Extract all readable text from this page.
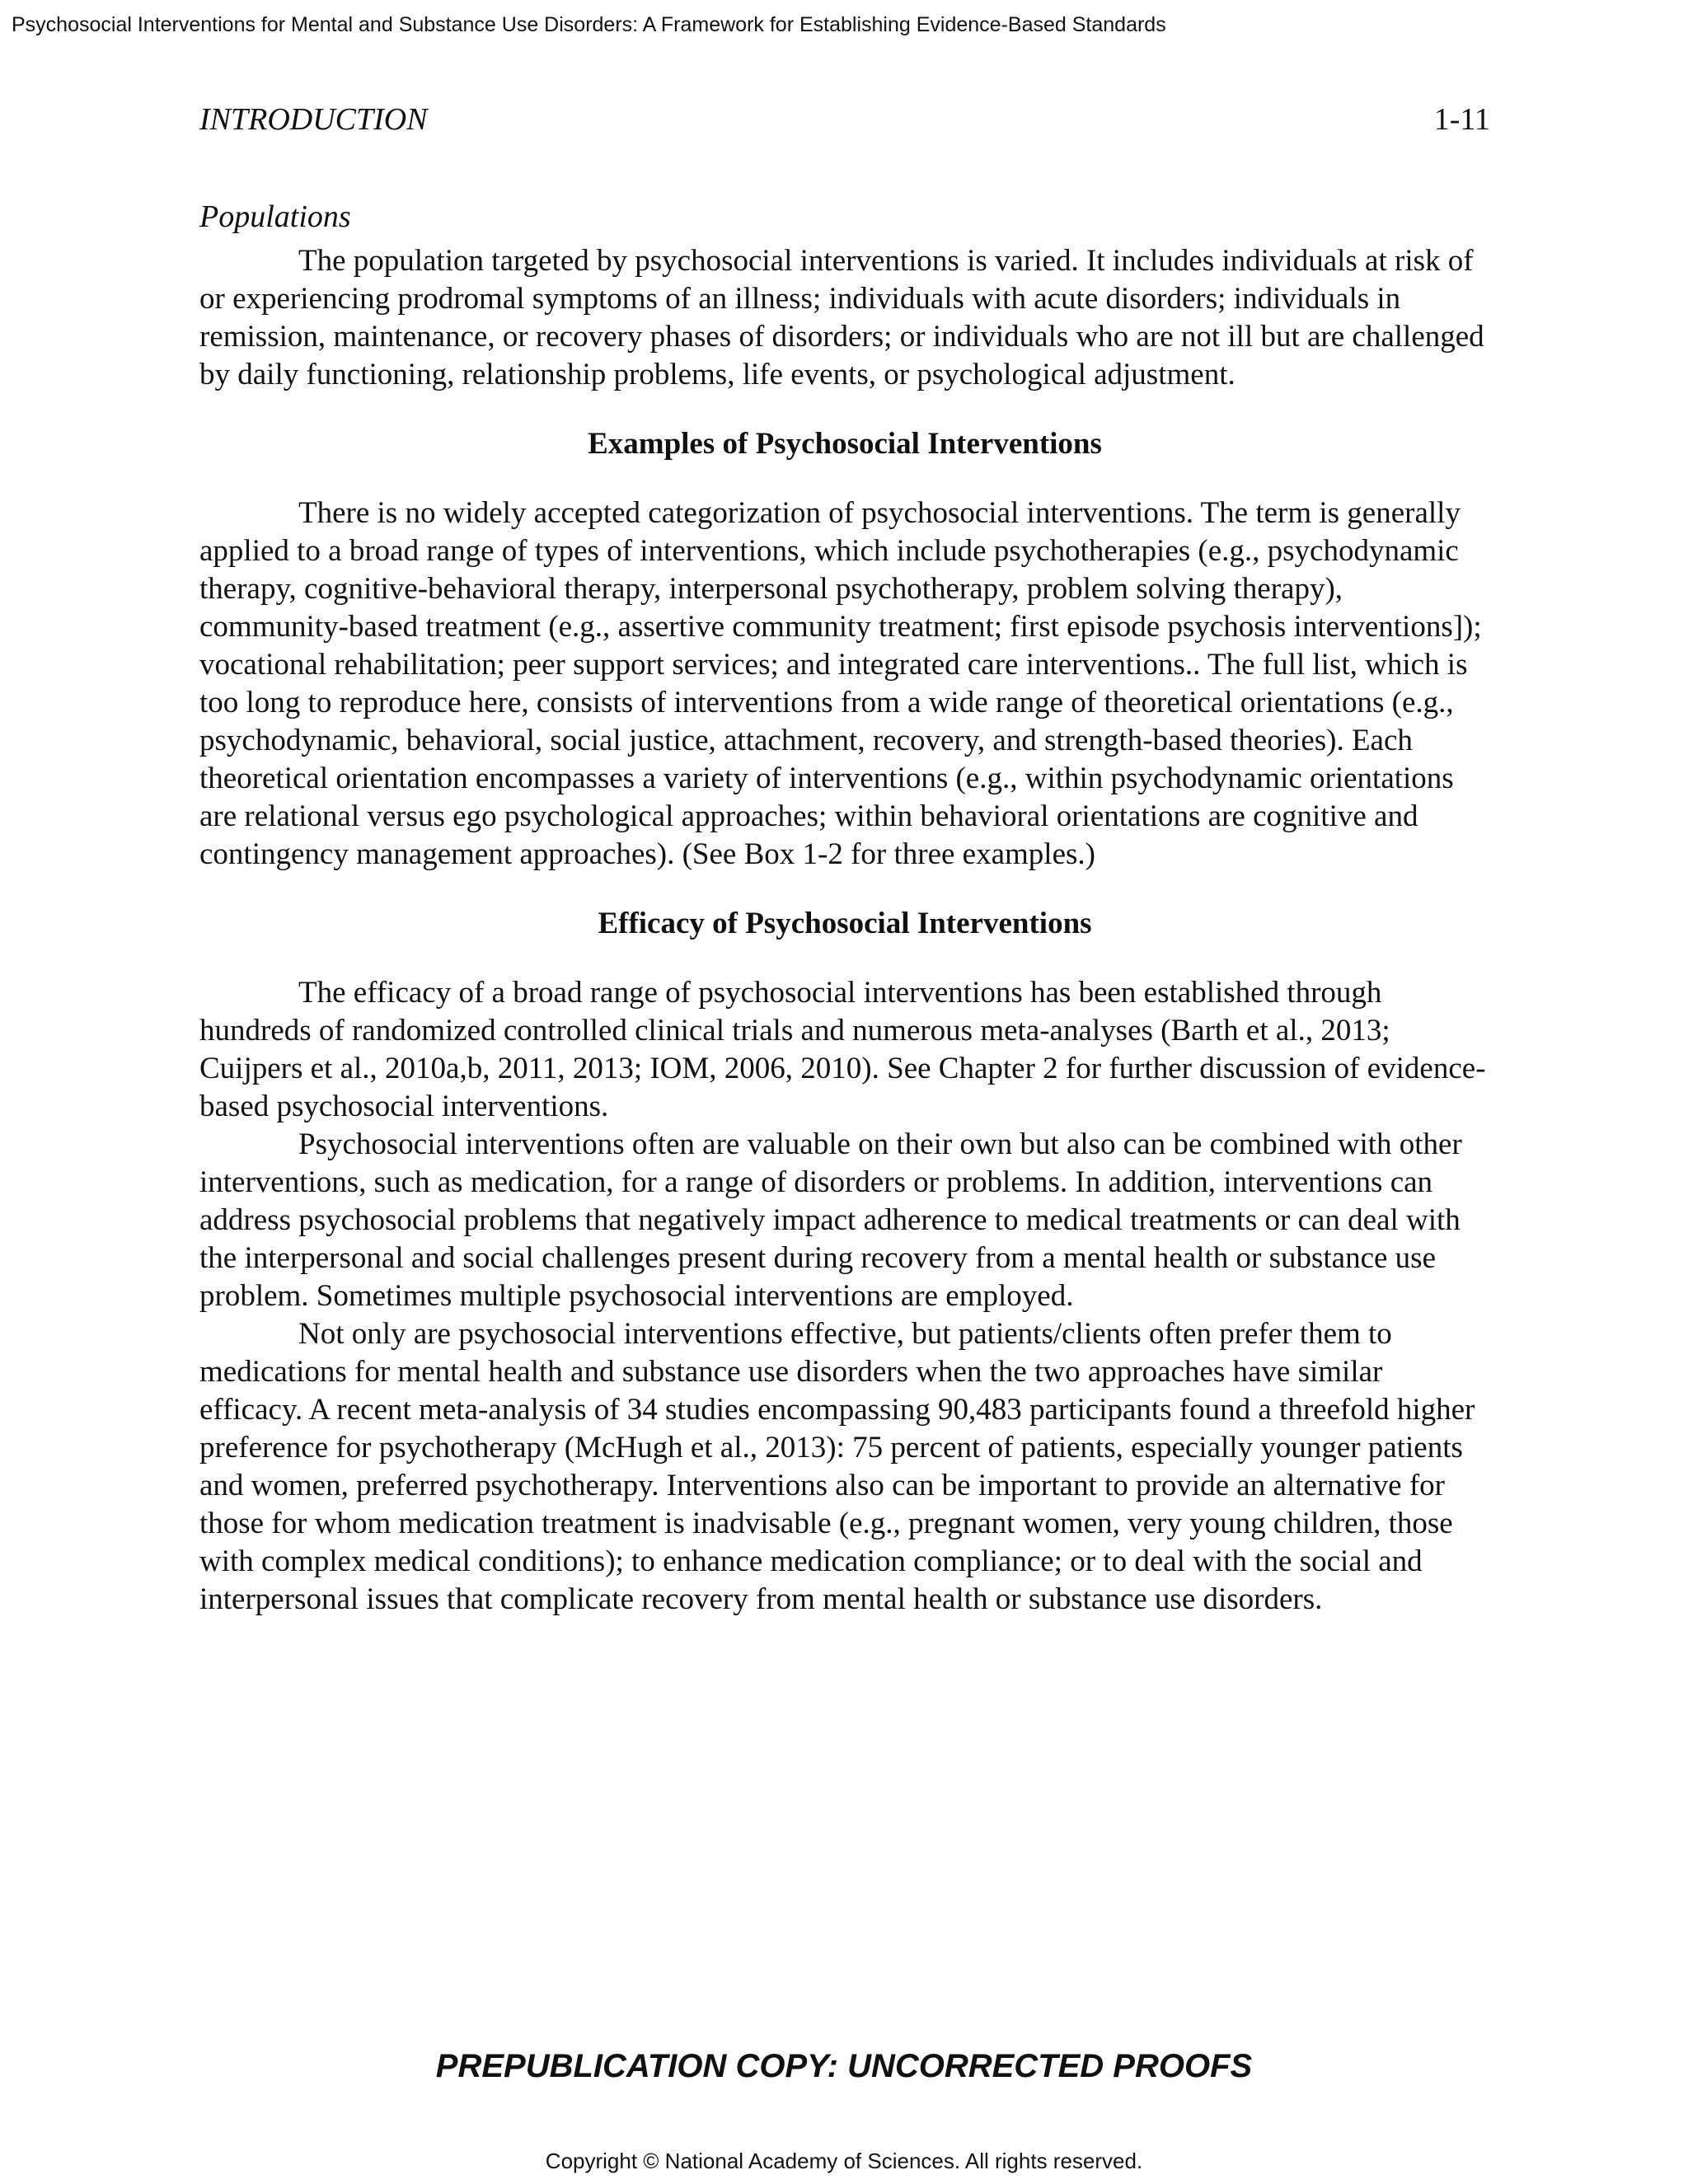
Psychosocial Interventions for Mental and Substance Use Disorders: A Framework for Establishing Evidence-Based Standards
INTRODUCTION	1-11
Populations

The population targeted by psychosocial interventions is varied. It includes individuals at risk of or experiencing prodromal symptoms of an illness; individuals with acute disorders; individuals in remission, maintenance, or recovery phases of disorders; or individuals who are not ill but are challenged by daily functioning, relationship problems, life events, or psychological adjustment.

Examples of Psychosocial Interventions

There is no widely accepted categorization of psychosocial interventions. The term is generally applied to a broad range of types of interventions, which include psychotherapies (e.g., psychodynamic therapy, cognitive-behavioral therapy, interpersonal psychotherapy, problem solving therapy), community-based treatment (e.g., assertive community treatment; first episode psychosis interventions]); vocational rehabilitation; peer support services; and integrated care interventions.. The full list, which is too long to reproduce here, consists of interventions from a wide range of theoretical orientations (e.g., psychodynamic, behavioral, social justice, attachment, recovery, and strength-based theories). Each theoretical orientation encompasses a variety of interventions (e.g., within psychodynamic orientations are relational versus ego psychological approaches; within behavioral orientations are cognitive and contingency management approaches). (See Box 1-2 for three examples.)

Efficacy of Psychosocial Interventions

The efficacy of a broad range of psychosocial interventions has been established through hundreds of randomized controlled clinical trials and numerous meta-analyses (Barth et al., 2013; Cuijpers et al., 2010a,b, 2011, 2013; IOM, 2006, 2010). See Chapter 2 for further discussion of evidence-based psychosocial interventions.

Psychosocial interventions often are valuable on their own but also can be combined with other interventions, such as medication, for a range of disorders or problems. In addition, interventions can address psychosocial problems that negatively impact adherence to medical treatments or can deal with the interpersonal and social challenges present during recovery from a mental health or substance use problem. Sometimes multiple psychosocial interventions are employed.

Not only are psychosocial interventions effective, but patients/clients often prefer them to medications for mental health and substance use disorders when the two approaches have similar efficacy. A recent meta-analysis of 34 studies encompassing 90,483 participants found a threefold higher preference for psychotherapy (McHugh et al., 2013): 75 percent of patients, especially younger patients and women, preferred psychotherapy. Interventions also can be important to provide an alternative for those for whom medication treatment is inadvisable (e.g., pregnant women, very young children, those with complex medical conditions); to enhance medication compliance; or to deal with the social and interpersonal issues that complicate recovery from mental health or substance use disorders.

PREPUBLICATION COPY: UNCORRECTED PROOFS
Copyright © National Academy of Sciences. All rights reserved.
